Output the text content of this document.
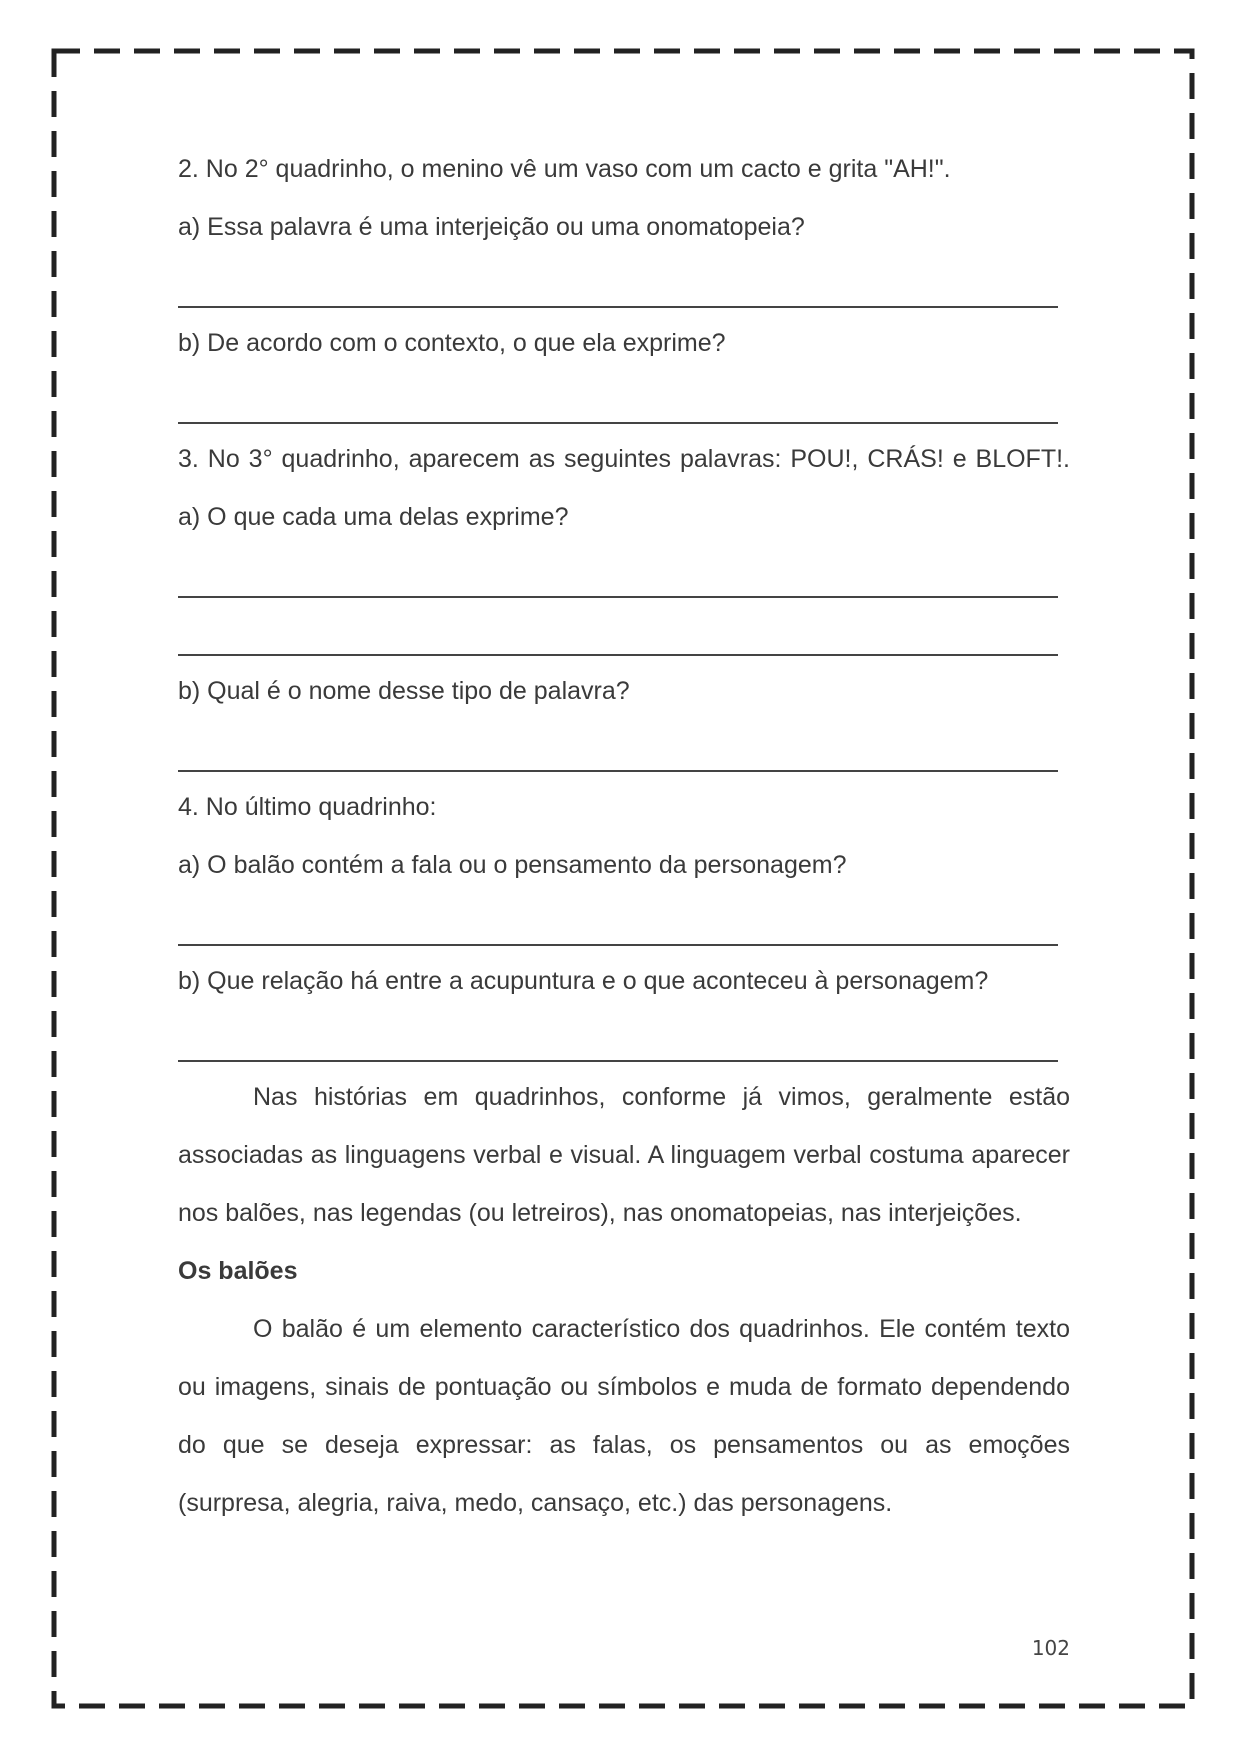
2. No 2° quadrinho, o menino vê um vaso com um cacto e grita "AH!".
a) Essa palavra é uma interjeição ou uma onomatopeia?
b) De acordo com o contexto, o que ela exprime?
3. No 3° quadrinho, aparecem as seguintes palavras: POU!, CRÁS! e BLOFT!.
a) O que cada uma delas exprime?
b) Qual é o nome desse tipo de palavra?
4. No último quadrinho:
a) O balão contém a fala ou o pensamento da personagem?
b) Que relação há entre a acupuntura e o que aconteceu à personagem?

Nas histórias em quadrinhos, conforme já vimos, geralmente estão associadas as linguagens verbal e visual. A linguagem verbal costuma aparecer nos balões, nas legendas (ou letreiros), nas onomatopeias, nas interjeições.

Os balões

O balão é um elemento característico dos quadrinhos. Ele contém texto ou imagens, sinais de pontuação ou símbolos e muda de formato dependendo do que se deseja expressar: as falas, os pensamentos ou as emoções (surpresa, alegria, raiva, medo, cansaço, etc.) das personagens.

102
